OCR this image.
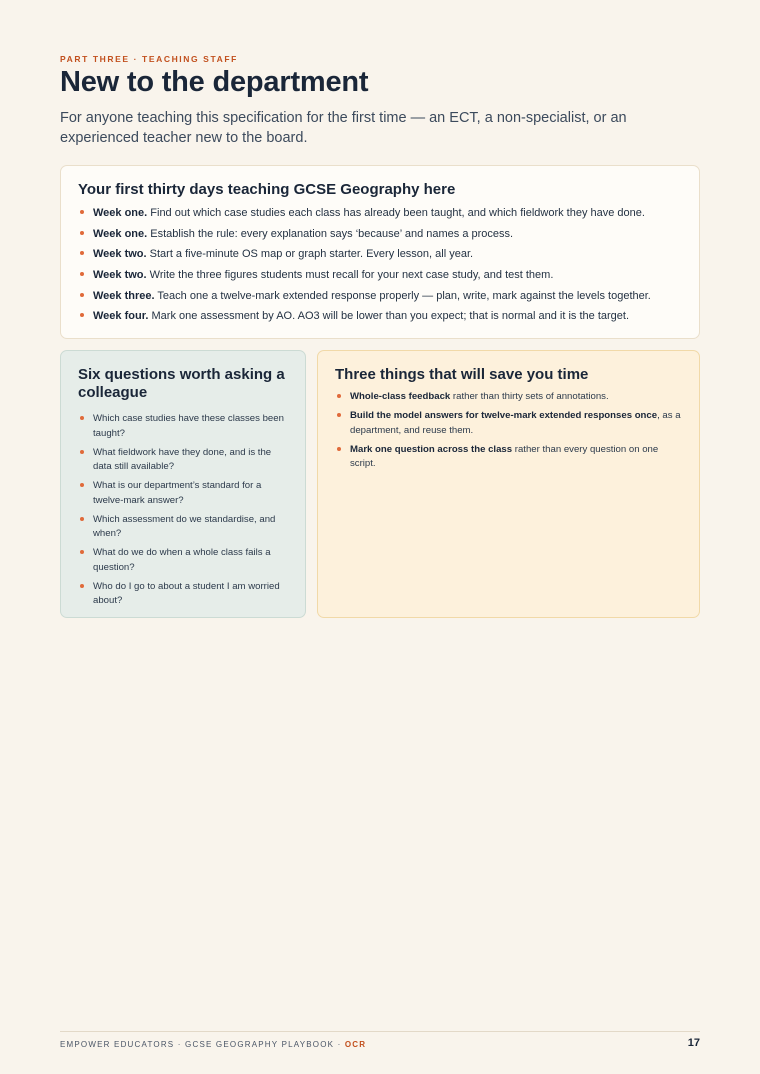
PART THREE · TEACHING STAFF
New to the department

For anyone teaching this specification for the first time — an ECT, a non-specialist, or an experienced teacher new to the board.

Your first thirty days teaching GCSE Geography here
Week one. Find out which case studies each class has already been taught, and which fieldwork they have done.
Week one. Establish the rule: every explanation says ‘because’ and names a process.
Week two. Start a five-minute OS map or graph starter. Every lesson, all year.
Week two. Write the three figures students must recall for your next case study, and test them.
Week three. Teach one a twelve-mark extended response properly — plan, write, mark against the levels together.
Week four. Mark one assessment by AO. AO3 will be lower than you expect; that is normal and it is the target.
Six questions worth asking a colleague
Which case studies have these classes been taught?
What fieldwork have they done, and is the data still available?
What is our department’s standard for a twelve-mark answer?
Which assessment do we standardise, and when?
What do we do when a whole class fails a question?
Who do I go to about a student I am worried about?
Three things that will save you time
Whole-class feedback rather than thirty sets of annotations.
Build the model answers for twelve-mark extended responses once, as a department, and reuse them.
Mark one question across the class rather than every question on one script.
EMPOWER EDUCATORS · GCSE GEOGRAPHY PLAYBOOK · OCR	17
